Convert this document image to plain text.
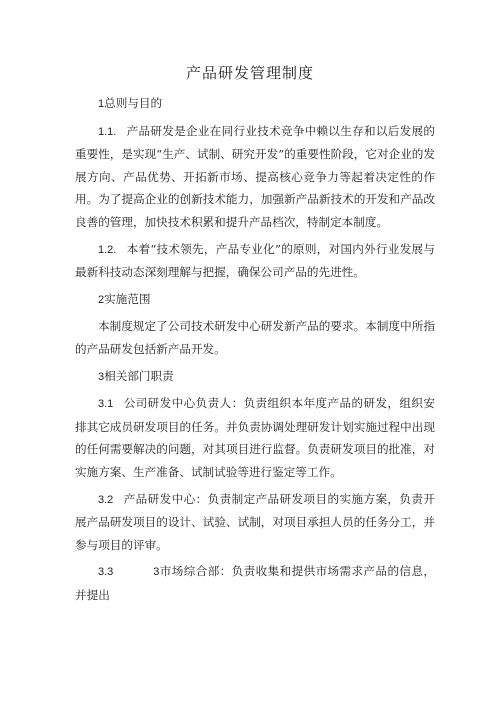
产品研发管理制度

1总则与目的

1.1. 产品研发是企业在同行业技术竞争中赖以生存和以后发展的重要性，是实现“生产、试制、研究开发”的重要性阶段，它对企业的发展方向、产品优势、开拓新市场、提高核心竞争力等起着决定性的作用。为了提高企业的创新技术能力，加强新产品新技术的开发和产品改良善的管理，加快技术积累和提升产品档次，特制定本制度。

1.2. 本着“技术领先，产品专业化”的原则，对国内外行业发展与最新科技动态深刻理解与把握，确保公司产品的先进性。

2实施范围

本制度规定了公司技术研发中心研发新产品的要求。本制度中所指的产品研发包括新产品开发。

3相关部门职责

3.1 公司研发中心负责人：负责组织本年度产品的研发，组织安排其它成员研发项目的任务。并负责协调处理研发计划实施过程中出现的任何需要解决的问题，对其项目进行监督。负责研发项目的批准，对实施方案、生产准备、试制试验等进行鉴定等工作。

3.2 产品研发中心：负责制定产品研发项目的实施方案，负责开展产品研发项目的设计、试验、试制，对项目承担人员的任务分工，并参与项目的评审。

3.3	3市场综合部：负责收集和提供市场需求产品的信息，并提出
